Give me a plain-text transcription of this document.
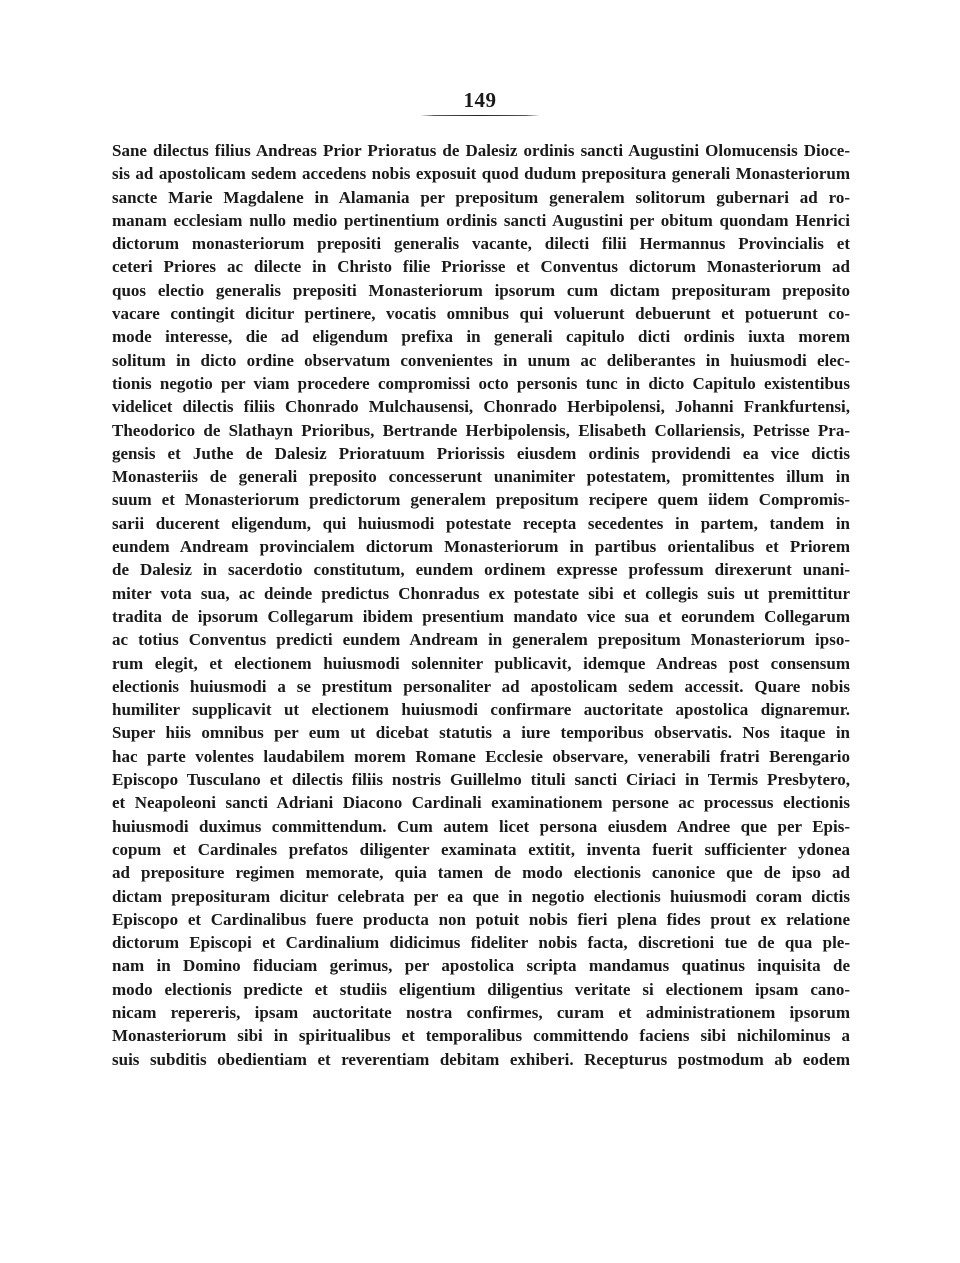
149
Sane dilectus filius Andreas Prior Prioratus de Dalesiz ordinis sancti Augustini Olomucensis Dioce-
sis ad apostolicam sedem accedens nobis exposuit quod dudum prepositura generali Monasteriorum
sancte Marie Magdalene in Alamania per prepositum generalem solitorum gubernari ad ro-
manam ecclesiam nullo medio pertinentium ordinis sancti Augustini per obitum quondam Henrici
dictorum monasteriorum prepositi generalis vacante, dilecti filii Hermannus Provincialis et
ceteri Priores ac dilecte in Christo filie Priorisse et Conventus dictorum Monasteriorum ad
quos electio generalis prepositi Monasteriorum ipsorum cum dictam preposituram preposito
vacare contingit dicitur pertinere, vocatis omnibus qui voluerunt debuerunt et potuerunt co-
mode interesse, die ad eligendum prefixa in generali capitulo dicti ordinis iuxta morem
solitum in dicto ordine observatum convenientes in unum ac deliberantes in huiusmodi elec-
tionis negotio per viam procedere compromissi octo personis tunc in dicto Capitulo existentibus
videlicet dilectis filiis Chonrado Mulchausensi, Chonrado Herbipolensi, Johanni Frankfurtensi,
Theodorico de Slathayn Prioribus, Bertrande Herbipolensis, Elisabeth Collariensis, Petrisse Pra-
gensis et Juthe de Dalesiz Prioratuum Priorissis eiusdem ordinis providendi ea vice dictis
Monasteriis de generali preposito concesserunt unanimiter potestatem, promittentes illum in
suum et Monasteriorum predictorum generalem prepositum recipere quem iidem Compromis-
sarii ducerent eligendum, qui huiusmodi potestate recepta secedentes in partem, tandem in
eundem Andream provincialem dictorum Monasteriorum in partibus orientalibus et Priorem
de Dalesiz in sacerdotio constitutum, eundem ordinem expresse professum direxerunt unani-
miter vota sua, ac deinde predictus Chonradus ex potestate sibi et collegis suis ut premittitur
tradita de ipsorum Collegarum ibidem presentium mandato vice sua et eorundem Collegarum
ac totius Conventus predicti eundem Andream in generalem prepositum Monasteriorum ipso-
rum elegit, et electionem huiusmodi solenniter publicavit, idemque Andreas post consensum
electionis huiusmodi a se prestitum personaliter ad apostolicam sedem accessit. Quare nobis
humiliter supplicavit ut electionem huiusmodi confirmare auctoritate apostolica dignaremur.
Super hiis omnibus per eum ut dicebat statutis a iure temporibus observatis. Nos itaque in
hac parte volentes laudabilem morem Romane Ecclesie observare, venerabili fratri Berengario
Episcopo Tusculano et dilectis filiis nostris Guillelmo tituli sancti Ciriaci in Termis Presbytero,
et Neapoleoni sancti Adriani Diacono Cardinali examinationem persone ac processus electionis
huiusmodi duximus committendum. Cum autem licet persona eiusdem Andree que per Epis-
copum et Cardinales prefatos diligenter examinata extitit, inventa fuerit sufficienter ydonea
ad prepositure regimen memorate, quia tamen de modo electionis canonice que de ipso ad
dictam preposituram dicitur celebrata per ea que in negotio electionis huiusmodi coram dictis
Episcopo et Cardinalibus fuere producta non potuit nobis fieri plena fides prout ex relatione
dictorum Episcopi et Cardinalium didicimus fideliter nobis facta, discretioni tue de qua ple-
nam in Domino fiduciam gerimus, per apostolica scripta mandamus quatinus inquisita de
modo electionis predicte et studiis eligentium diligentius veritate si electionem ipsam cano-
nicam repereris, ipsam auctoritate nostra confirmes, curam et administrationem ipsorum
Monasteriorum sibi in spiritualibus et temporalibus committendo faciens sibi nichilominus a
suis subditis obedientiam et reverentiam debitam exhiberi. Recepturus postmodum ab eodem
